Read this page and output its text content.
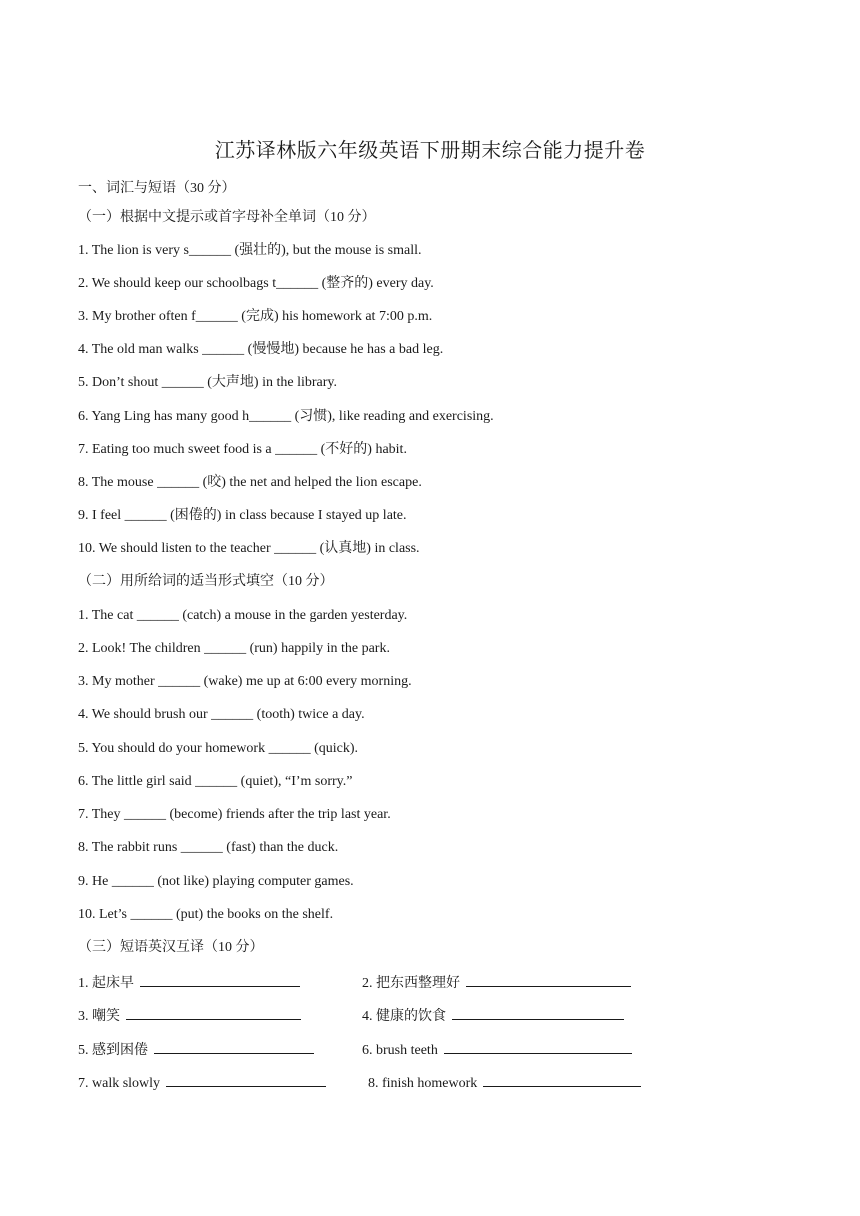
江苏译林版六年级英语下册期末综合能力提升卷
一、词汇与短语（30 分）
（一）根据中文提示或首字母补全单词（10 分）
1. The lion is very s______ (强壮的), but the mouse is small.
2. We should keep our schoolbags t______ (整齐的) every day.
3. My brother often f______ (完成) his homework at 7:00 p.m.
4. The old man walks ______ (慢慢地) because he has a bad leg.
5. Don’t shout ______ (大声地) in the library.
6. Yang Ling has many good h______ (习惯), like reading and exercising.
7. Eating too much sweet food is a ______ (不好的) habit.
8. The mouse ______ (咬) the net and helped the lion escape.
9. I feel ______ (困倦的) in class because I stayed up late.
10. We should listen to the teacher ______ (认真地) in class.
（二）用所给词的适当形式填空（10 分）
1. The cat ______ (catch) a mouse in the garden yesterday.
2. Look! The children ______ (run) happily in the park.
3. My mother ______ (wake) me up at 6:00 every morning.
4. We should brush our ______ (tooth) twice a day.
5. You should do your homework ______ (quick).
6. The little girl said ______ (quiet), “I’m sorry.”
7. They ______ (become) friends after the trip last year.
8. The rabbit runs ______ (fast) than the duck.
9. He ______ (not like) playing computer games.
10. Let’s ______ (put) the books on the shelf.
（三）短语英汉互译（10 分）
1. 起床早	2. 把东西整理好
3. 嘲笑	4. 健康的饮食
5. 感到困倦	6. brush teeth
7. walk slowly	8. finish homework
